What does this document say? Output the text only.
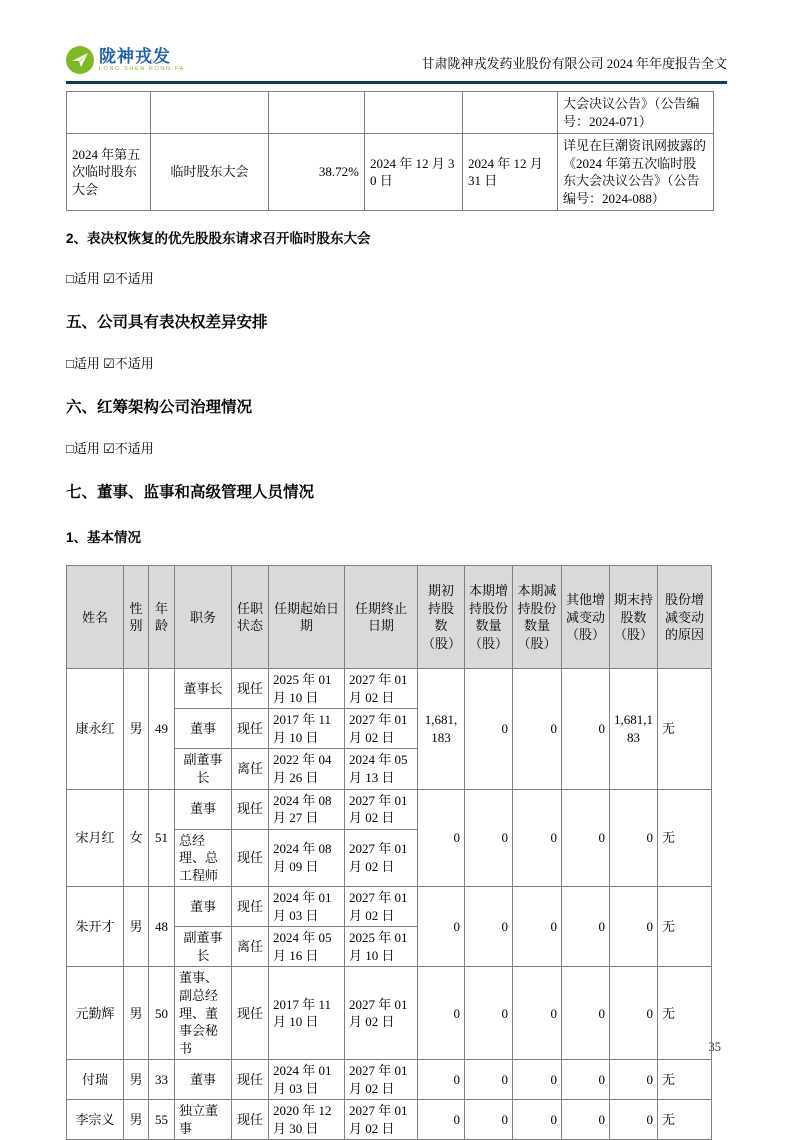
陇神戎发
LONG SHEN RONG FA	甘肃陇神戎发药业股份有限公司 2024 年年度报告全文
					大会决议公告》（公告编号：2024-071）
2024 年第五次临时股东大会	临时股东大会	38.72%	2024 年 12 月 30 日	2024 年 12 月 31 日	详见在巨潮资讯网披露的《2024 年第五次临时股东大会决议公告》（公告编号：2024-088）
2、表决权恢复的优先股股东请求召开临时股东大会
□适用 ☑不适用
五、公司具有表决权差异安排
□适用 ☑不适用
六、红筹架构公司治理情况
□适用 ☑不适用
七、董事、监事和高级管理人员情况
1、基本情况
姓名	性别	年龄	职务	任职状态	任期起始日期	任期终止日期	期初持股数（股）	本期增持股份数量（股）	本期减持股份数量（股）	其他增减变动（股）	期末持股数（股）	股份增减变动的原因
康永红	男	49	董事长	现任	2025 年 01 月 10 日	2027 年 01 月 02 日	1,681,183	0	0	0	1,681,183	无
			董事	现任	2017 年 11 月 10 日	2027 年 01 月 02 日						
			副董事长	离任	2022 年 04 月 26 日	2024 年 05 月 13 日						
宋月红	女	51	董事	现任	2024 年 08 月 27 日	2027 年 01 月 02 日	0	0	0	0	0	无
			总经理、总工程师	现任	2024 年 08 月 09 日	2027 年 01 月 02 日						
朱开才	男	48	董事	现任	2024 年 01 月 03 日	2027 年 01 月 02 日	0	0	0	0	0	无
			副董事长	离任	2024 年 05 月 16 日	2025 年 01 月 10 日						
元勤辉	男	50	董事、副总经理、董事会秘书	现任	2017 年 11 月 10 日	2027 年 01 月 02 日	0	0	0	0	0	无
付瑞	男	33	董事	现任	2024 年 01 月 03 日	2027 年 01 月 02 日	0	0	0	0	0	无
李宗义	男	55	独立董事	现任	2020 年 12 月 30 日	2027 年 01 月 02 日	0	0	0	0	0	无
35
